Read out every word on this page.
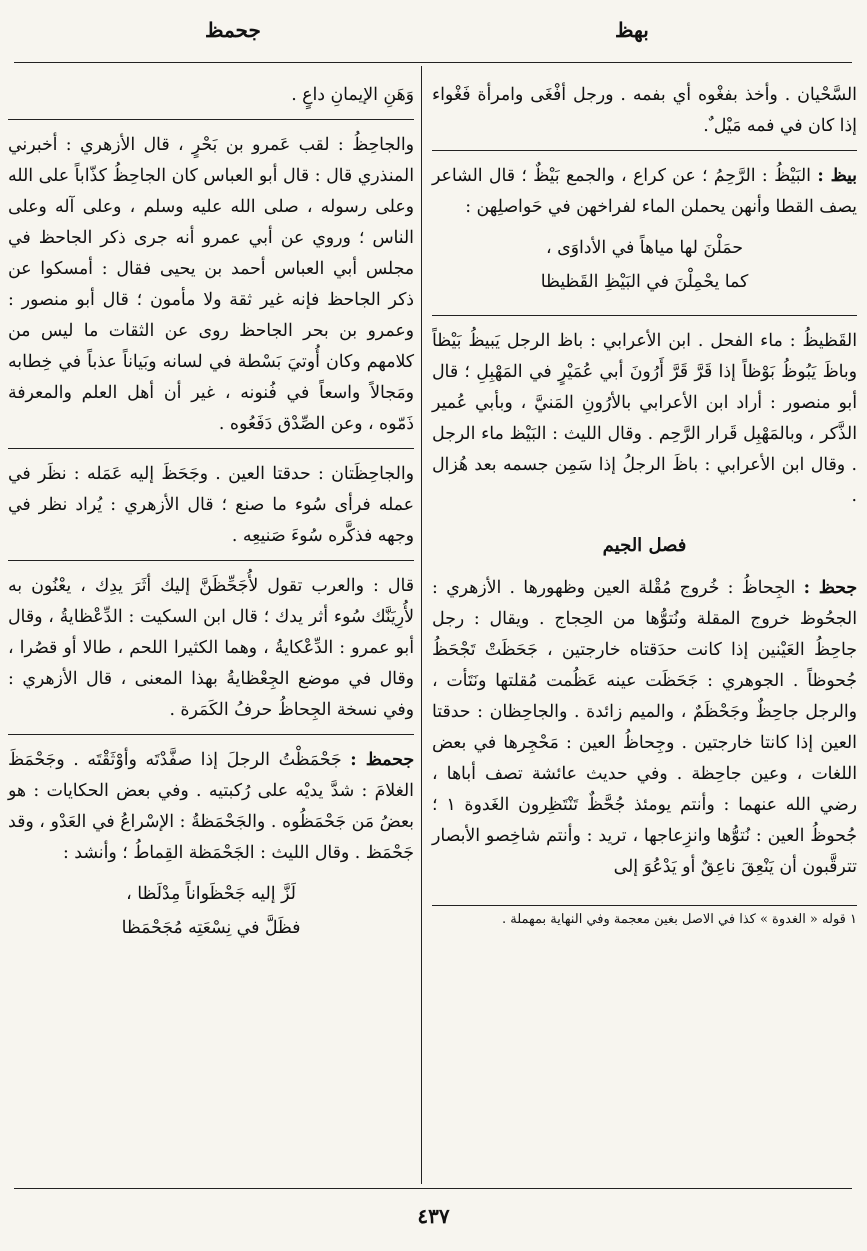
جحمظ	بهظ

السَّحْيان . وأخذ بفغْوه أي بفمه . ورجل أفْغَى وامرأة فَغْواء إذا كان في فمه مَيْل ٌ.

بيظ : البَيْظُ : الرَّحِمُ ؛ عن كراع ، والجمع بَيْظٌ ؛ قال الشاعر يصف القطا وأنهن يحملن الماء لفراخهن في حَواصلِهن :

حمَلْنَ لها مياهاً في الأداوَى ،
كما يحْمِلْنَ في البَيْظِ القَظيظا

القَظيظُ : ماء الفحل . ابن الأعرابي : باظ الرجل يَبيظُ بَيْظاً وباظَ يَبُوظُ بَوْظاً إذا قَرَّ قَرَّ أَرُونَ أبي عُمَيْرٍ في المَهْبِلِ ؛ قال أبو منصور : أراد ابن الأعرابي بالأرُونِ المَنيَّ ، وبأبي عُمير الذَّكر ، وبالمَهْبِل قَرار الرَّحِم . وقال الليث : البَيْظ ماء الرجل . وقال ابن الأعرابي : باظَ الرجلُ إذا سَمِن جسمه بعد هُزال .

فصل الجيم

جحظ : الجِحاظُ : خُروج مُقْلة العين وظهورها . الأزهري : الجحُوظ خروج المقلة ونُتوُّها من الحِجاج . ويقال : رجل جاحِظُ العَيْنين إذا كانت حدَقتاه خارجتين ، جَحَظَتْ تَجْحَظُ جُحوظاً . الجوهري : جَحَظَت عينه عَظُمت مُقلتها ونَتَأت ، والرجل جاحِظٌ وجَحْظَمٌ ، والميم زائدة . والجاحِظان : حدقتا العين إذا كانتا خارجتين . وجِحاظُ العين : مَحْجِرها في بعض اللغات ، وعين جاحِظة . وفي حديث عائشة تصف أباها ، رضي الله عنهما : وأنتم يومئذ جُحَّظٌ تَنْتَظِرون الغَدوة ١ ؛ جُحوظُ العين : نُتوُّها وانزِعاجها ، تريد : وأنتم شاخِصو الأبصار تترقَّبون أن يَنْعِقَ ناعِقٌ أو يَدْعُوَ إلى

١ قوله « الغدوة » كذا في الاصل بغين معجمة وفي النهاية بمهملة .

وَهَنِ الإيمانِ داعٍ .

والجاحِظُ : لقب عَمرو بن بَحْرٍ ، قال الأزهري : أخبرني المنذري قال : قال أبو العباس كان الجاحِظُ كذّاباً على الله وعلى رسوله ، صلى الله عليه وسلم ، وعلى آله وعلى الناس ؛ وروي عن أبي عمرو أنه جرى ذكر الجاحظ في مجلس أبي العباس أحمد بن يحيى فقال : أمسكوا عن ذكر الجاحظ فإنه غير ثقة ولا مأمون ؛ قال أبو منصور : وعمرو بن بحر الجاحظ روى عن الثقات ما ليس من كلامهم وكان أُوتيَ بَسْطة في لسانه وبَياناً عذباً في خِطابه ومَجالاً واسعاً في فُنونه ، غير أن أهل العلم والمعرفة ذَمّوه ، وعن الصِّدْق دَفَعُوه .

والجاحِظَتان : حدقتا العين . وجَحَظَ إليه عَمَله : نظَر في عمله فرأى سُوء ما صنع ؛ قال الأزهري : يُراد نظر في وجهه فذكَّره سُوءَ صَنيعِه .

قال : والعرب تقول لأُجَحِّظَنَّ إليك أثَرَ يدِك ، يعْنُون به لأُرِيَنَّك سُوء أثر يدك ؛ قال ابن السكيت : الدِّعْظايةُ ، وقال أبو عمرو : الدِّعْكايةُ ، وهما الكثيرا اللحم ، طالا أو قصُرا ، وقال في موضع الجِعْظايةُ بهذا المعنى ، قال الأزهري : وفي نسخة الجِحاظُ حرفُ الكَمَرة .

جحمظ : جَحْمَظْتُ الرجلَ إذا صفَّدْتَه وأوْثَقْتَه . وجَحْمَظَ الغلامَ : شدَّ يديْه على رُكبتيه . وفي بعض الحكايات : هو بعضُ مَن جَحْمَظُوه . والجَحْمَظةُ : الإسْراعُ في العَدْو ، وقد جَحْمَظ . وقال الليث : الجَحْمَظة القِماطُ ؛ وأنشد :

لَزَّ إليه جَحْظَواناً مِدْلَظا ،
فظَلَّ في نِسْعَتِه مُجَحْمَظا
٤٣٧
